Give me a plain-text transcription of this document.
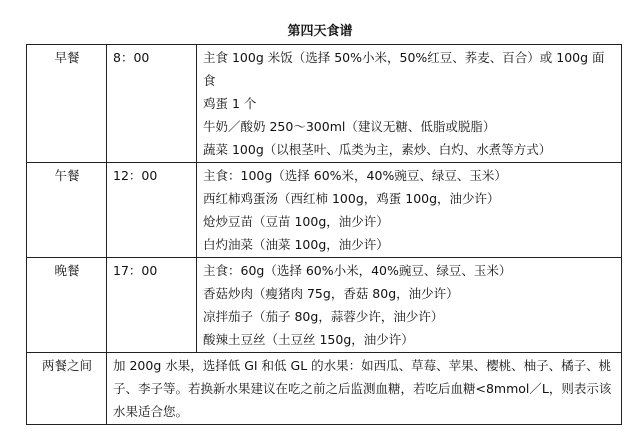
第四天食谱
早餐	8：00	主食 100g 米饭（选择 50%小米，50%红豆、荞麦、百合）或 100g 面食
鸡蛋 1 个
牛奶／酸奶 250～300ml（建议无糖、低脂或脱脂）
蔬菜 100g（以根茎叶、瓜类为主，素炒、白灼、水煮等方式）

午餐	12：00	主食：100g（选择 60%米，40%豌豆、绿豆、玉米）
西红柿鸡蛋汤（西红柿 100g，鸡蛋 100g，油少许）
炝炒豆苗（豆苗 100g，油少许）
白灼油菜（油菜 100g，油少许）

晚餐	17：00	主食：60g（选择 60%小米，40%豌豆、绿豆、玉米）
香菇炒肉（瘦猪肉 75g，香菇 80g，油少许）
凉拌茄子（茄子 80g，蒜蓉少许，油少许）
酸辣土豆丝（土豆丝 150g，油少许）

两餐之间	加 200g 水果，选择低 GI 和低 GL 的水果：如西瓜、草莓、苹果、樱桃、柚子、橘子、桃子、李子等。若换新水果建议在吃之前之后监测血糖，若吃后血糖<8mmol／L，则表示该水果适合您。	
